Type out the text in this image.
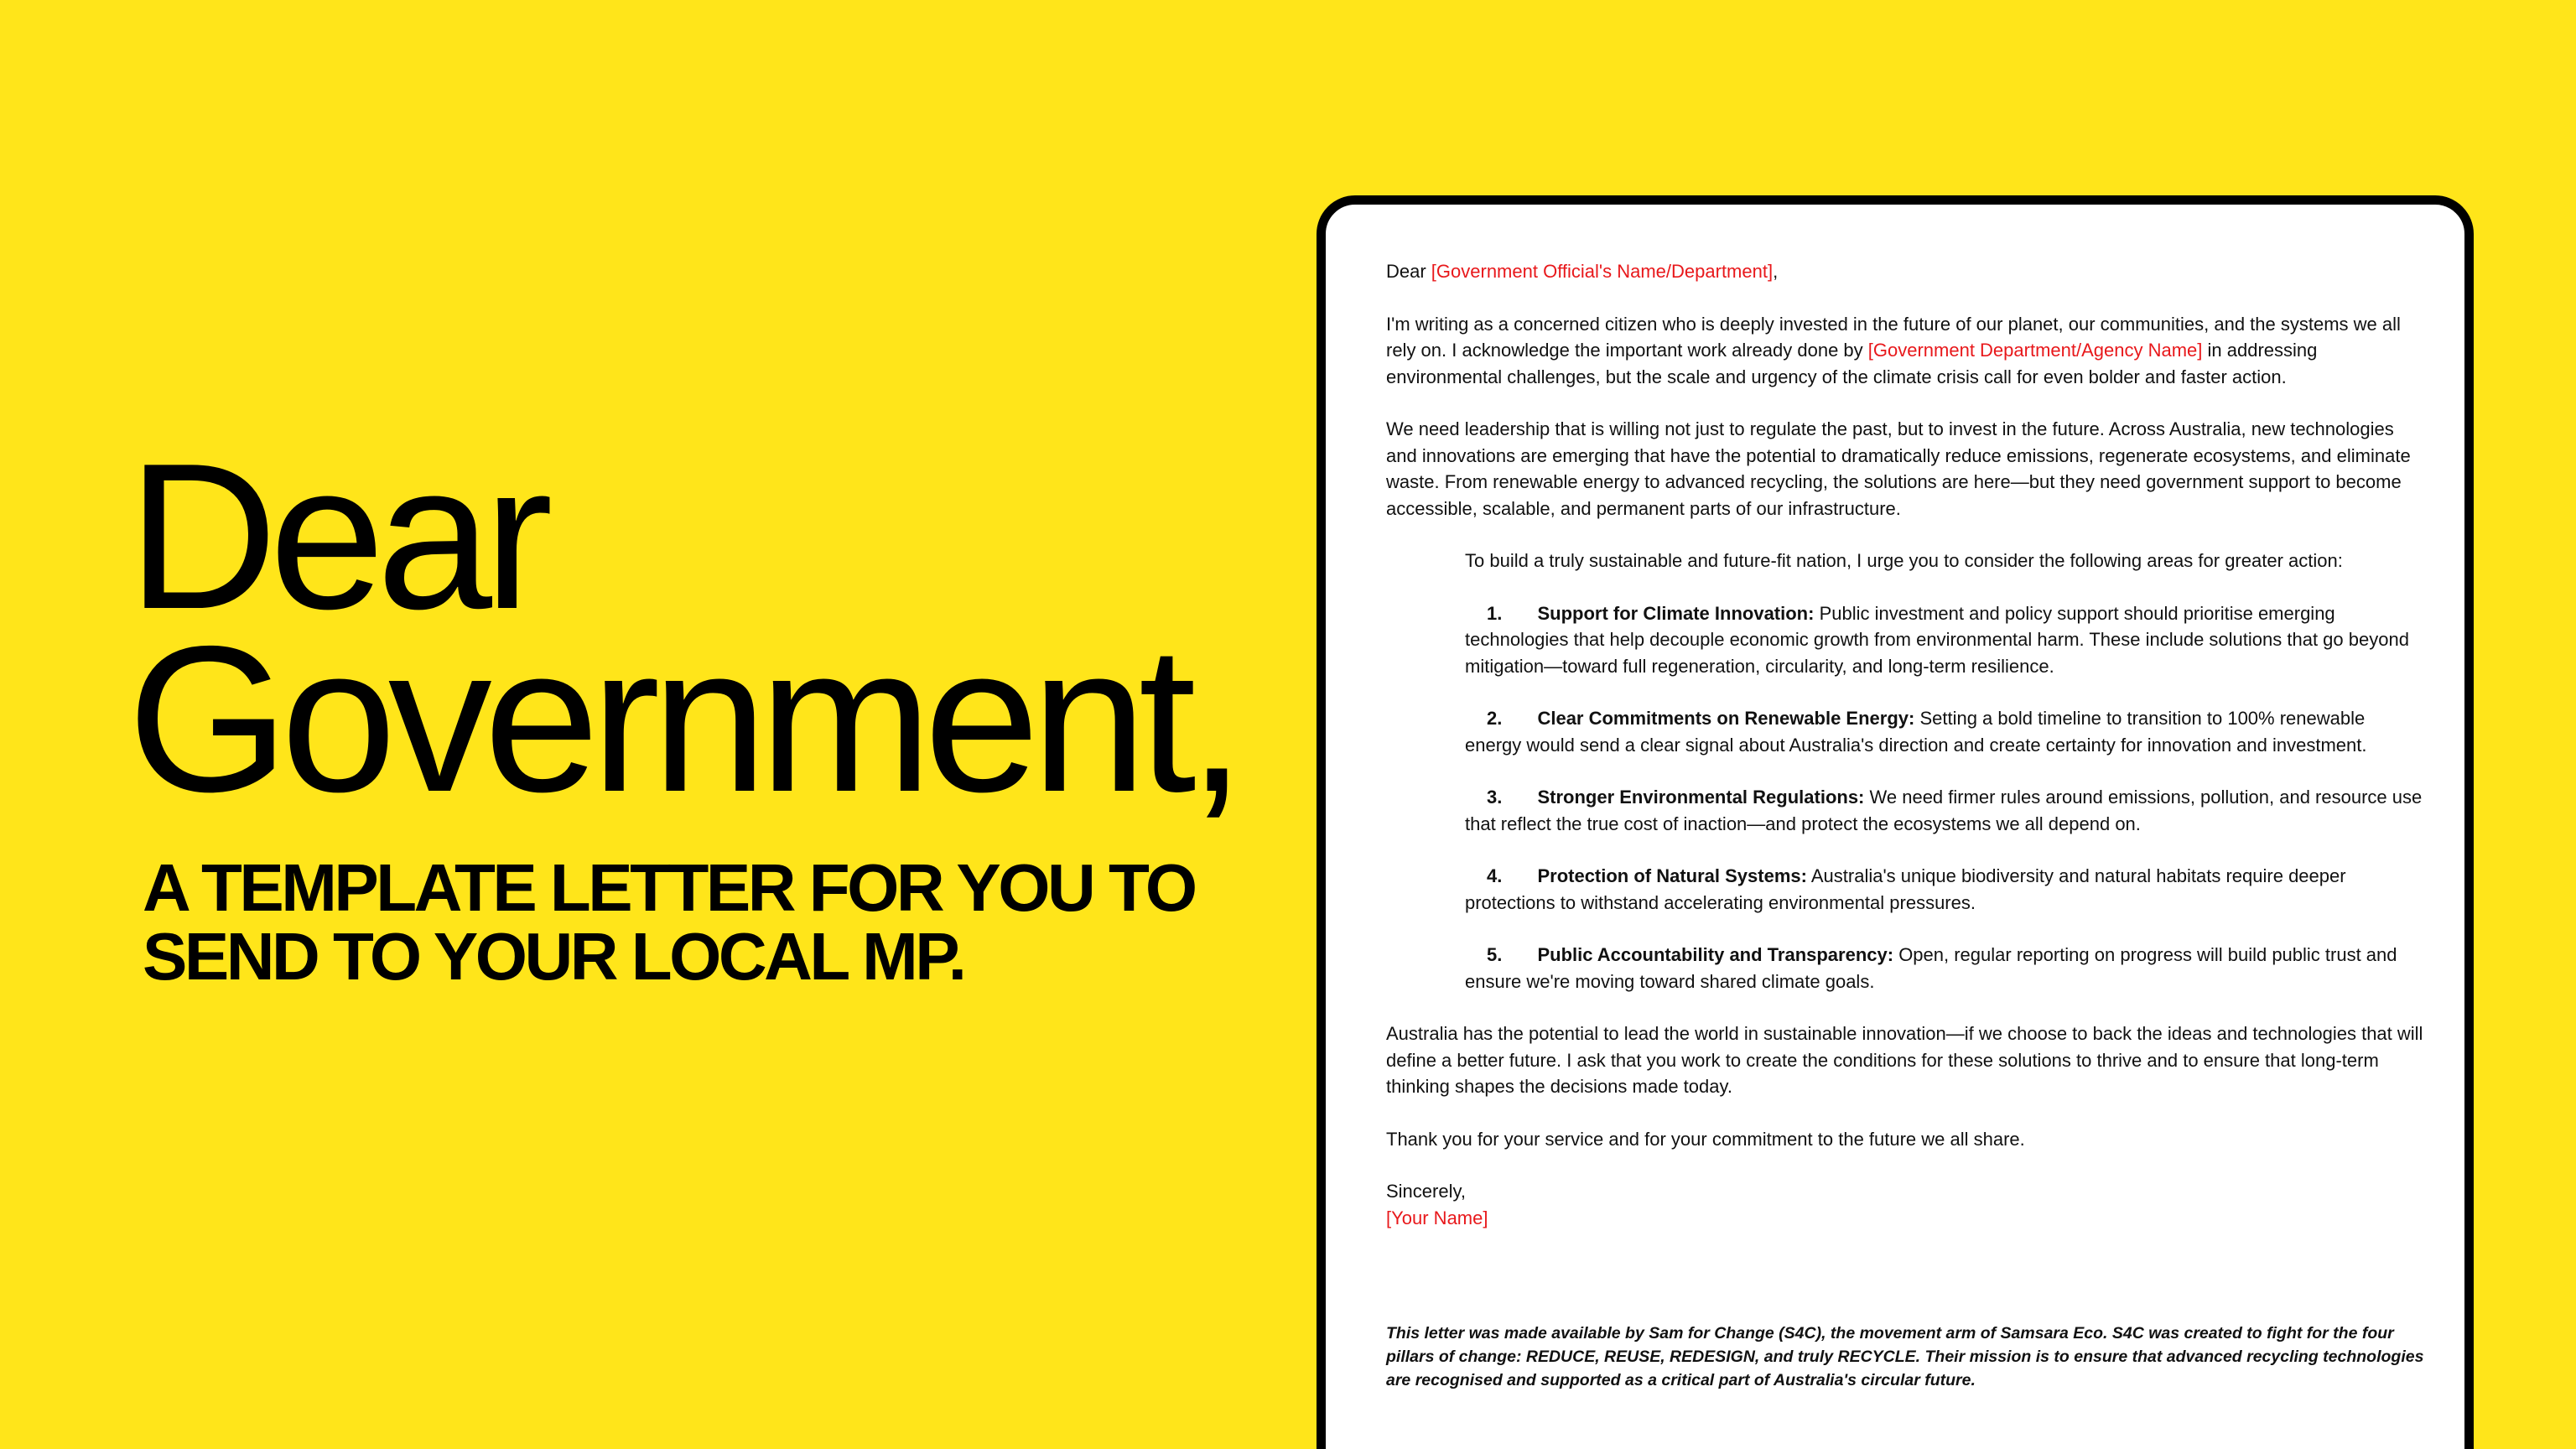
Dear
Government,
A TEMPLATE LETTER FOR YOU TO
SEND TO YOUR LOCAL MP.

Dear [Government Official's Name/Department],

I'm writing as a concerned citizen who is deeply invested in the future of our planet, our communities, and the systems we all rely on. I acknowledge the important work already done by [Government Department/Agency Name] in addressing environmental challenges, but the scale and urgency of the climate crisis call for even bolder and faster action.

We need leadership that is willing not just to regulate the past, but to invest in the future. Across Australia, new technologies and innovations are emerging that have the potential to dramatically reduce emissions, regenerate ecosystems, and eliminate waste. From renewable energy to advanced recycling, the solutions are here—but they need government support to become accessible, scalable, and permanent parts of our infrastructure.

To build a truly sustainable and future-fit nation, I urge you to consider the following areas for greater action:

1. Support for Climate Innovation: Public investment and policy support should prioritise emerging technologies that help decouple economic growth from environmental harm. These include solutions that go beyond mitigation—toward full regeneration, circularity, and long-term resilience.
2. Clear Commitments on Renewable Energy: Setting a bold timeline to transition to 100% renewable energy would send a clear signal about Australia's direction and create certainty for innovation and investment.
3. Stronger Environmental Regulations: We need firmer rules around emissions, pollution, and resource use that reflect the true cost of inaction—and protect the ecosystems we all depend on.
4. Protection of Natural Systems: Australia's unique biodiversity and natural habitats require deeper protections to withstand accelerating environmental pressures.
5. Public Accountability and Transparency: Open, regular reporting on progress will build public trust and ensure we're moving toward shared climate goals.

Australia has the potential to lead the world in sustainable innovation—if we choose to back the ideas and technologies that will define a better future. I ask that you work to create the conditions for these solutions to thrive and to ensure that long-term thinking shapes the decisions made today.

Thank you for your service and for your commitment to the future we all share.

Sincerely,

[Your Name]

This letter was made available by Sam for Change (S4C), the movement arm of Samsara Eco. S4C was created to fight for the four pillars of change: REDUCE, REUSE, REDESIGN, and truly RECYCLE. Their mission is to ensure that advanced recycling technologies are recognised and supported as a critical part of Australia's circular future.
